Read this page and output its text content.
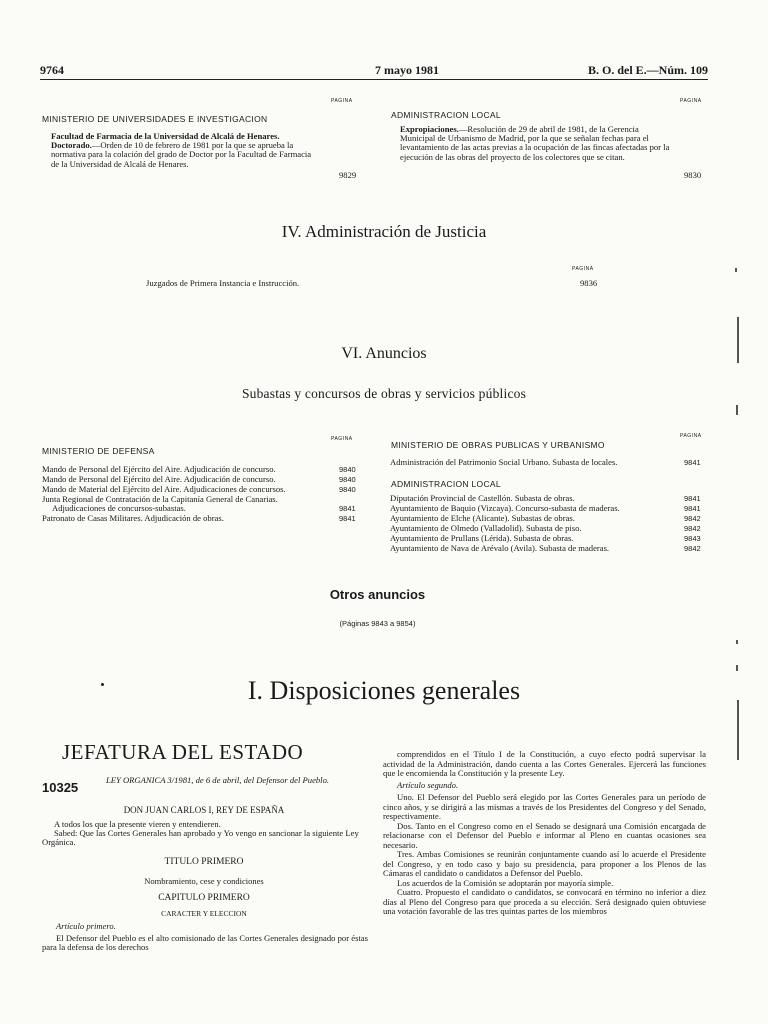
9764	7 mayo 1981	B. O. del E.—Núm. 109
PAGINA	PAGINA
MINISTERIO DE UNIVERSIDADES E INVESTIGACION
Facultad de Farmacia de la Universidad de Alcalá de Henares. Doctorado.—Orden de 10 de febrero de 1981 por la que se aprueba la normativa para la colación del grado de Doctor por la Facultad de Farmacia de la Universidad de Alcalá de Henares.
9829
ADMINISTRACION LOCAL
Expropiaciones.—Resolución de 29 de abril de 1981, de la Gerencia Municipal de Urbanismo de Madrid, por la que se señalan fechas para el levantamiento de las actas previas a la ocupación de las fincas afectadas por la ejecución de las obras del proyecto de los colectores que se citan.
9830
IV. Administración de Justicia
PAGINA
Juzgados de Primera Instancia e Instrucción.	9836
VI. Anuncios
Subastas y concursos de obras y servicios públicos
PAGINA	PAGINA
MINISTERIO DE DEFENSA
Mando de Personal del Ejército del Aire. Adjudicación de concurso.	9840
Mando de Personal del Ejército del Aire. Adjudicación de concurso.	9840
Mando de Material del Ejército del Aire. Adjudicaciones de concursos.	9840
Junta Regional de Contratación de la Capitanía General de Canarias. Adjudicaciones de concursos-subastas.	9841
Patronato de Casas Militares. Adjudicación de obras.	9841
MINISTERIO DE OBRAS PUBLICAS Y URBANISMO
Administración del Patrimonio Social Urbano. Subasta de locales.	9841
ADMINISTRACION LOCAL
Diputación Provincial de Castellón. Subasta de obras.	9841
Ayuntamiento de Baquio (Vizcaya). Concurso-subasta de maderas.	9841
Ayuntamiento de Elche (Alicante). Subastas de obras.	9842
Ayuntamiento de Olmedo (Valladolid). Subasta de piso.	9842
Ayuntamiento de Prullans (Lérida). Subasta de obras.	9843
Ayuntamiento de Nava de Arévalo (Avila). Subasta de maderas.	9842
Otros anuncios
(Páginas 9843 a 9854)
I. Disposiciones generales
JEFATURA DEL ESTADO
10325	LEY ORGANICA 3/1981, de 6 de abril, del Defensor del Pueblo.
DON JUAN CARLOS I, REY DE ESPAÑA
A todos los que la presente vieren y entendieren.
Sabed: Que las Cortes Generales han aprobado y Yo vengo en sancionar la siguiente Ley Orgánica.
TITULO PRIMERO
Nombramiento, cese y condiciones
CAPITULO PRIMERO
CARACTER Y ELECCION
Artículo primero.
El Defensor del Pueblo es el alto comisionado de las Cortes Generales designado por éstas para la defensa de los derechos

comprendidos en el Título I de la Constitución, a cuyo efecto podrá supervisar la actividad de la Administración, dando cuenta a las Cortes Generales. Ejercerá las funciones que le encomienda la Constitución y la presente Ley.

Artículo segundo.

Uno. El Defensor del Pueblo será elegido por las Cortes Generales para un período de cinco años, y se dirigirá a las mismas a través de los Presidentes del Congreso y del Senado, respectivamente.

Dos. Tanto en el Congreso como en el Senado se designará una Comisión encargada de relacionarse con el Defensor del Pueblo e informar al Pleno en cuantas ocasiones sea necesario.

Tres. Ambas Comisiones se reunirán conjuntamente cuando así lo acuerde el Presidente del Congreso, y en todo caso y bajo su presidencia, para proponer a los Plenos de las Cámaras el candidato o candidatos a Defensor del Pueblo.

Los acuerdos de la Comisión se adoptarán por mayoría simple.

Cuatro. Propuesto el candidato o candidatos, se convocará en término no inferior a diez días al Pleno del Congreso para que proceda a su elección. Será designado quien obtuviese una votación favorable de las tres quintas partes de los miembros
